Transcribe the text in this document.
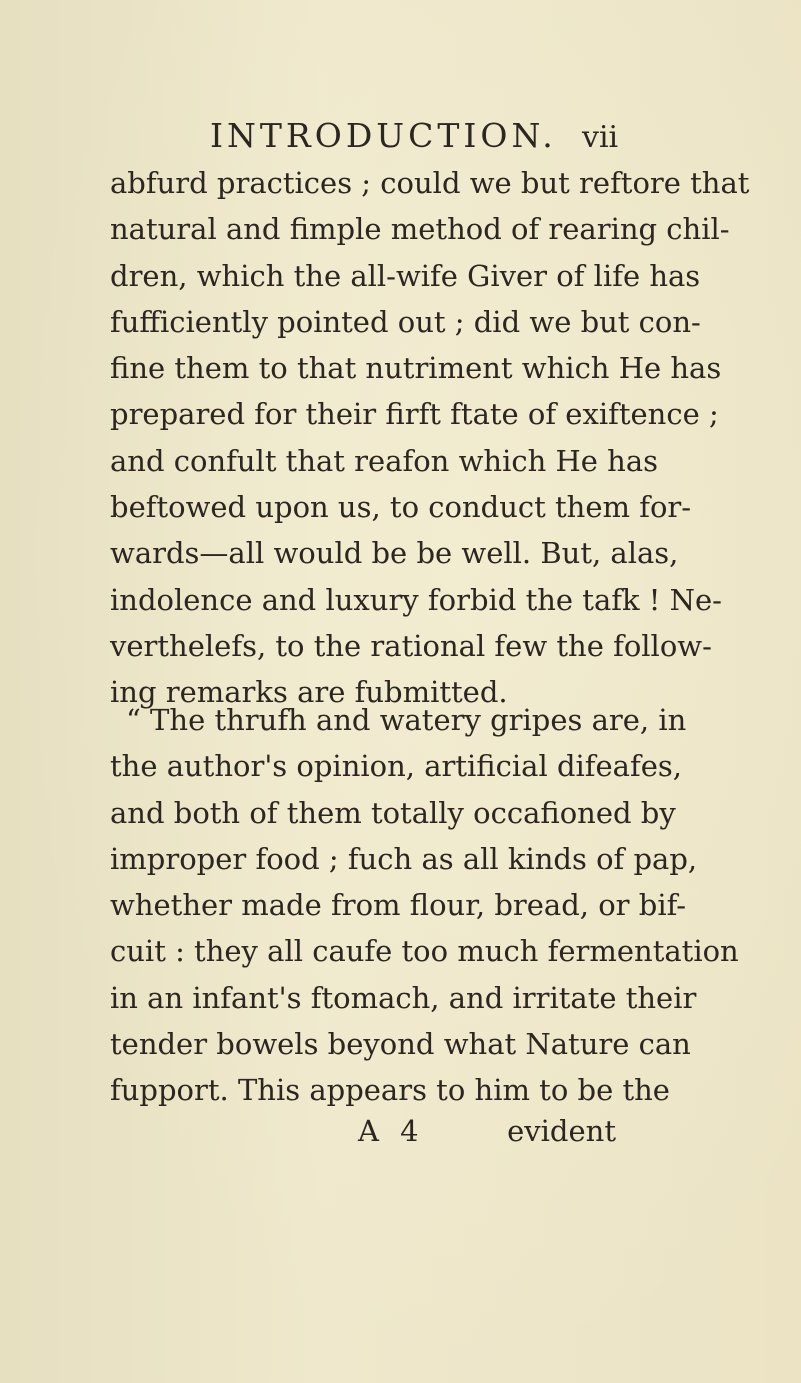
INTRODUCTION. vii
abfurd practices ; could we but reftore that
natural and fimple method of rearing chil-
dren, which the all-wife Giver of life has
fufficiently pointed out ; did we but con-
fine them to that nutriment which He has
prepared for their firft ftate of exiftence ;
and confult that reafon which He has
beftowed upon us, to conduct them for-
wards—all would be be well. But, alas,
indolence and luxury forbid the tafk ! Ne-
verthelefs, to the rational few the follow-
ing remarks are fubmitted.
“ The thrufh and watery gripes are, in
the author's opinion, artificial difeafes,
and both of them totally occafioned by
improper food ; fuch as all kinds of pap,
whether made from flour, bread, or bif-
cuit : they all caufe too much fermentation
in an infant's ftomach, and irritate their
tender bowels beyond what Nature can
fupport. This appears to him to be the
A 4	evident
